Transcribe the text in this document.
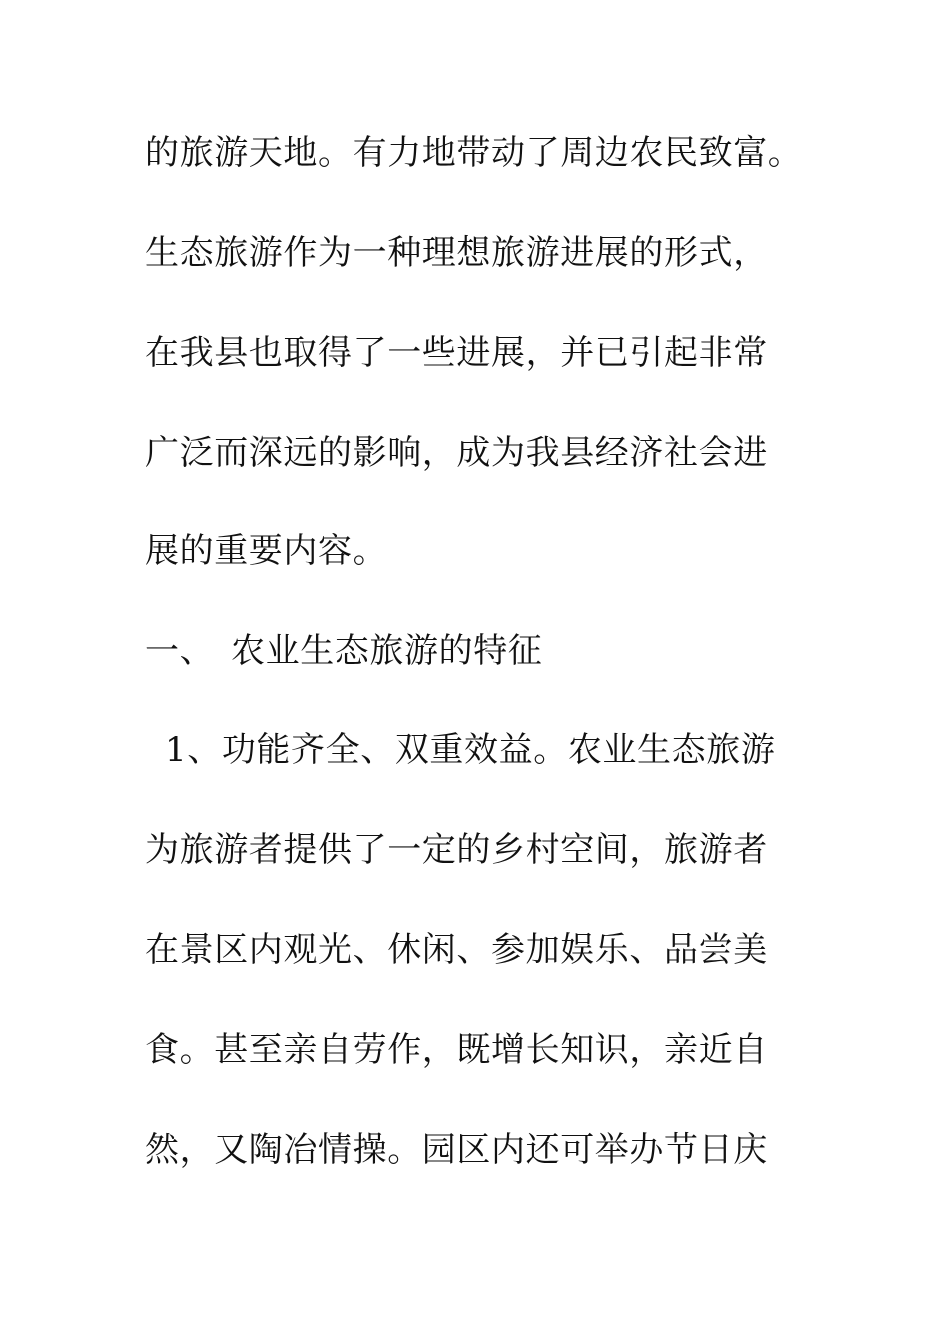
的旅游天地。有力地带动了周边农民致富。

生态旅游作为一种理想旅游进展的形式，

在我县也取得了一些进展，并已引起非常

广泛而深远的影响，成为我县经济社会进

展的重要内容。

一、 农业生态旅游的特征

1、功能齐全、双重效益。农业生态旅游

为旅游者提供了一定的乡村空间，旅游者

在景区内观光、休闲、参加娱乐、品尝美

食。甚至亲自劳作，既增长知识，亲近自

然，又陶冶情操。园区内还可举办节日庆
